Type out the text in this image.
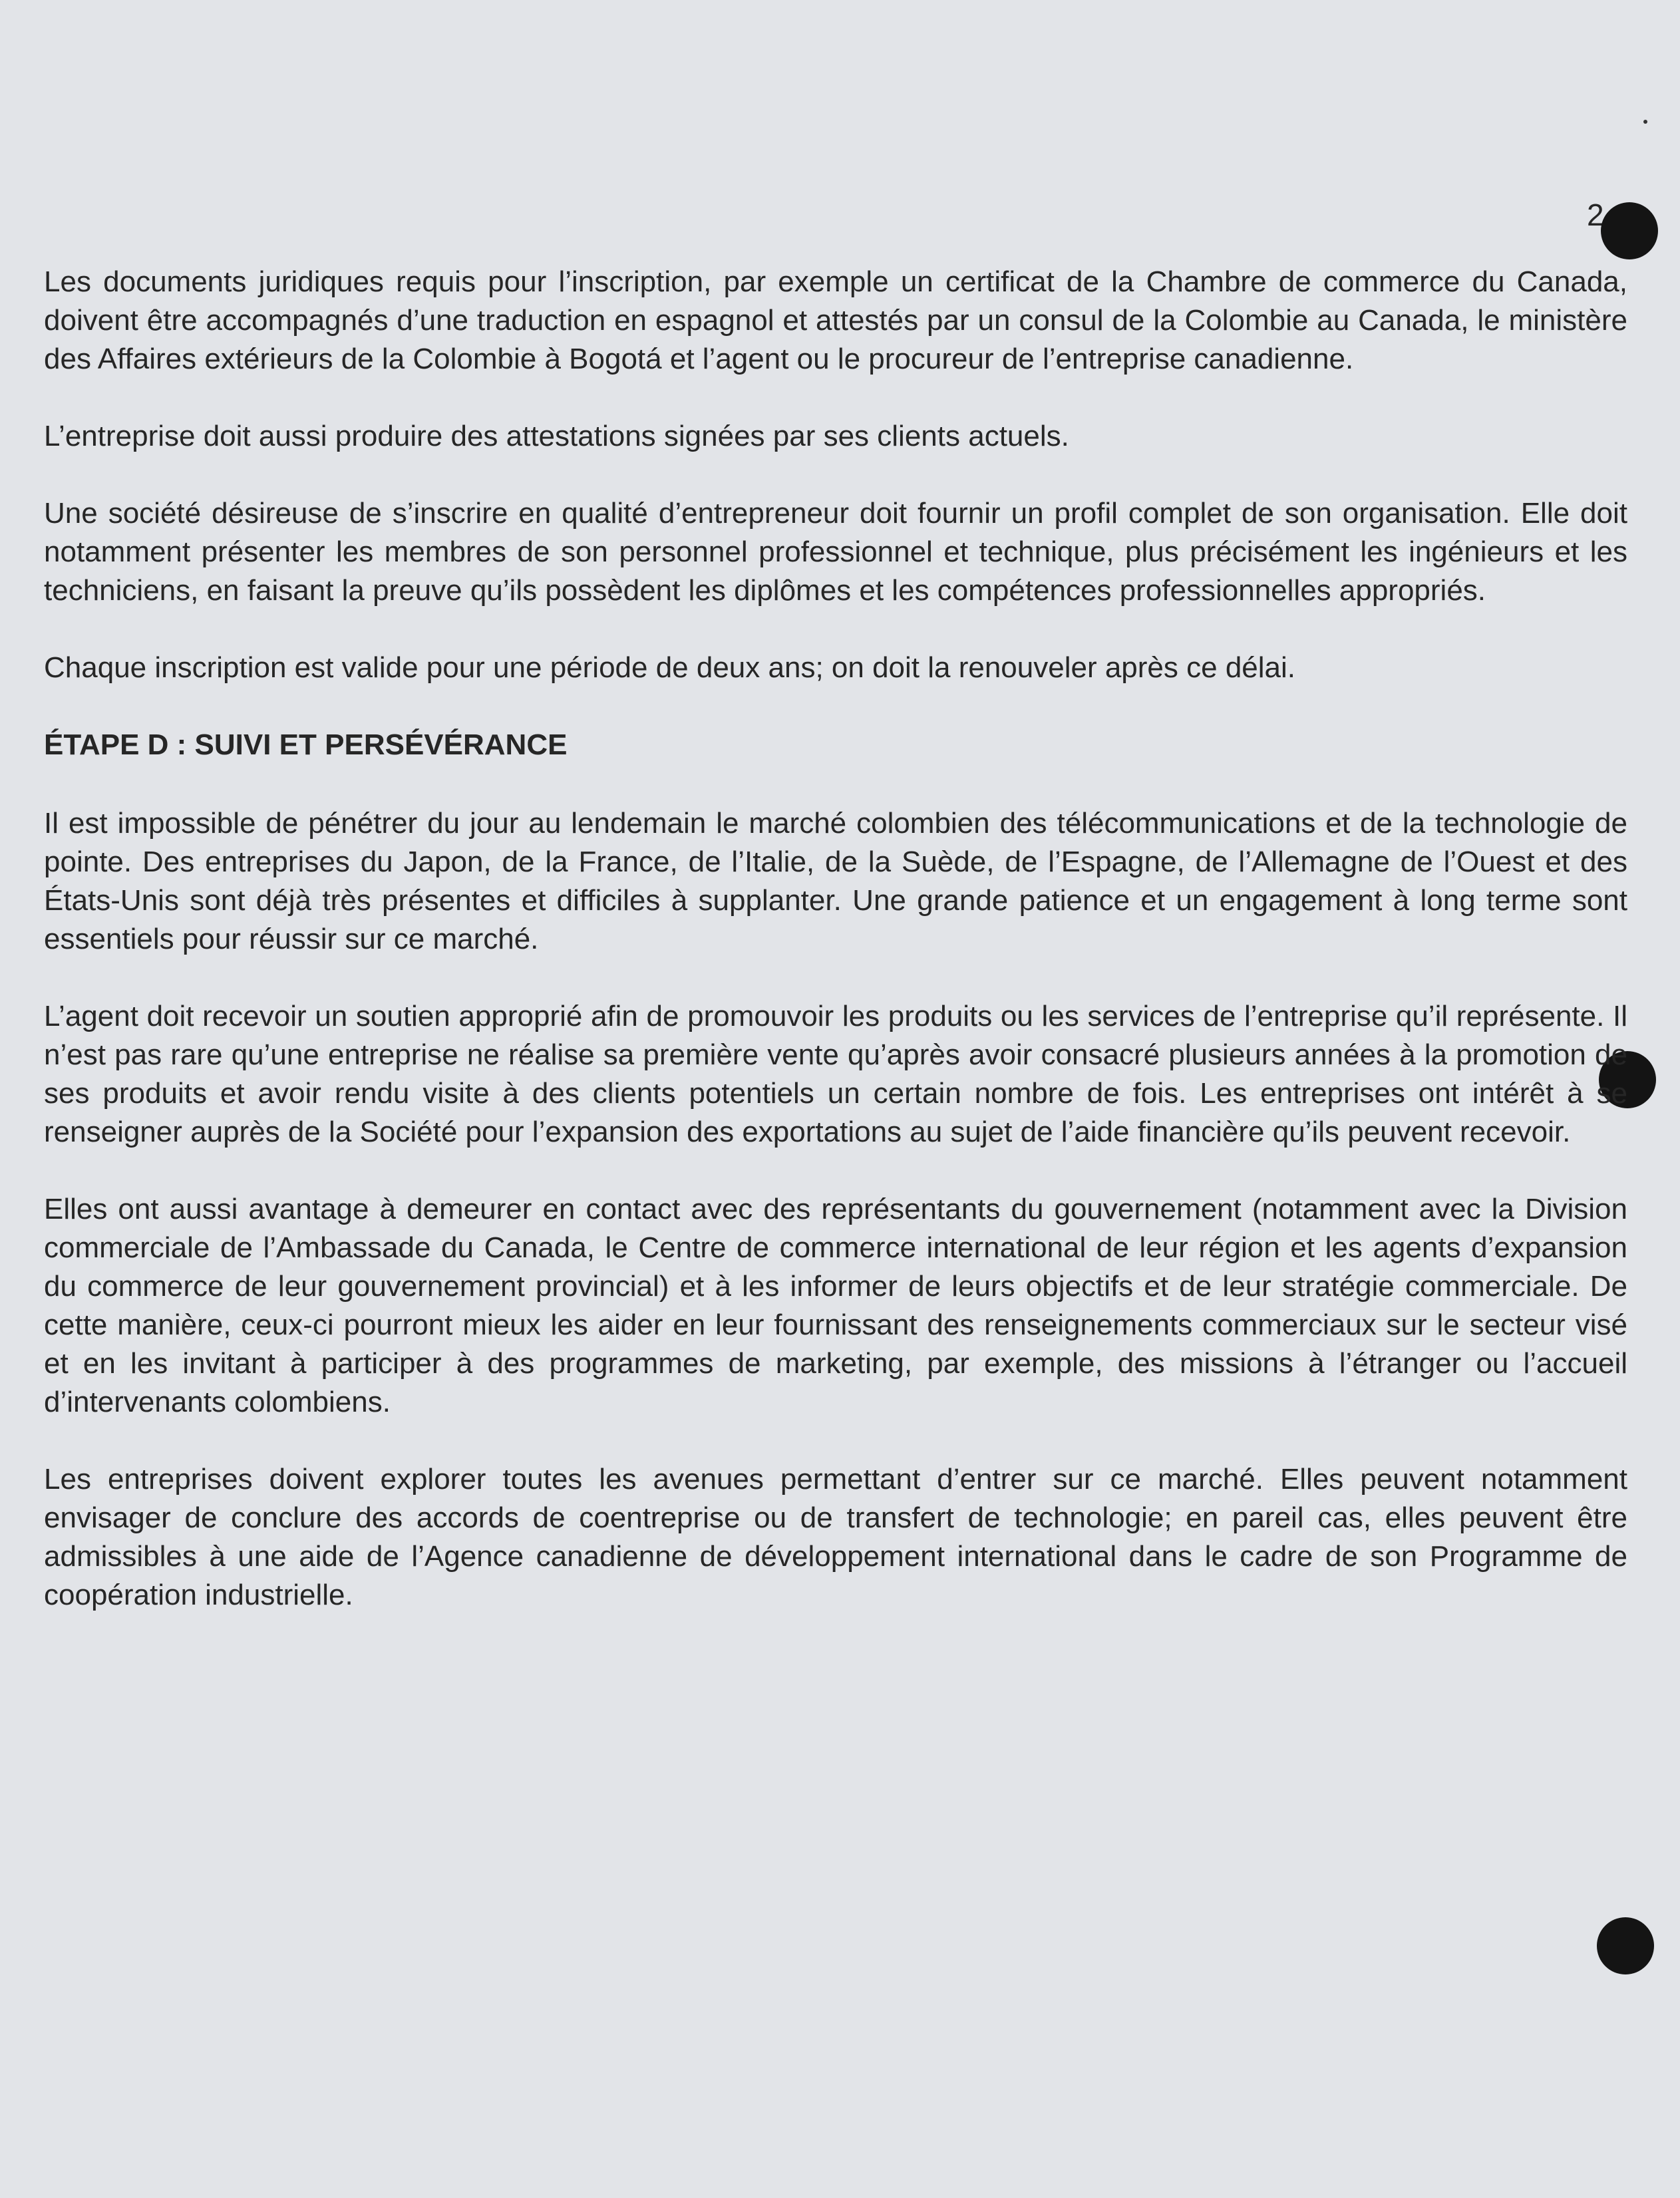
2

Les documents juridiques requis pour l’inscription, par exemple un certificat de la Chambre de commerce du Canada, doivent être accompagnés d’une traduction en espagnol et attestés par un consul de la Colombie au Canada, le ministère des Affaires extérieurs de la Colombie à Bogotá et l’agent ou le procureur de l’entreprise canadienne.

L’entreprise doit aussi produire des attestations signées par ses clients actuels.

Une société désireuse de s’inscrire en qualité d’entrepreneur doit fournir un profil complet de son organisation. Elle doit notamment présenter les membres de son personnel professionnel et technique, plus précisément les ingénieurs et les techniciens, en faisant la preuve qu’ils possèdent les diplômes et les compétences professionnelles appropriés.

Chaque inscription est valide pour une période de deux ans; on doit la renouveler après ce délai.

ÉTAPE D : SUIVI ET PERSÉVÉRANCE

Il est impossible de pénétrer du jour au lendemain le marché colombien des télécommunications et de la technologie de pointe. Des entreprises du Japon, de la France, de l’Italie, de la Suède, de l’Espagne, de l’Allemagne de l’Ouest et des États-Unis sont déjà très présentes et difficiles à supplanter. Une grande patience et un engagement à long terme sont essentiels pour réussir sur ce marché.

L’agent doit recevoir un soutien approprié afin de promouvoir les produits ou les services de l’entreprise qu’il représente. Il n’est pas rare qu’une entreprise ne réalise sa première vente qu’après avoir consacré plusieurs années à la promotion de ses produits et avoir rendu visite à des clients potentiels un certain nombre de fois. Les entreprises ont intérêt à se renseigner auprès de la Société pour l’expansion des exportations au sujet de l’aide financière qu’ils peuvent recevoir.

Elles ont aussi avantage à demeurer en contact avec des représentants du gouvernement (notamment avec la Division commerciale de l’Ambassade du Canada, le Centre de commerce international de leur région et les agents d’expansion du commerce de leur gouvernement provincial) et à les informer de leurs objectifs et de leur stratégie commerciale. De cette manière, ceux-ci pourront mieux les aider en leur fournissant des renseignements commerciaux sur le secteur visé et en les invitant à participer à des programmes de marketing, par exemple, des missions à l’étranger ou l’accueil d’intervenants colombiens.

Les entreprises doivent explorer toutes les avenues permettant d’entrer sur ce marché. Elles peuvent notamment envisager de conclure des accords de coentreprise ou de transfert de technologie; en pareil cas, elles peuvent être admissibles à une aide de l’Agence canadienne de développement international dans le cadre de son Programme de coopération industrielle.
